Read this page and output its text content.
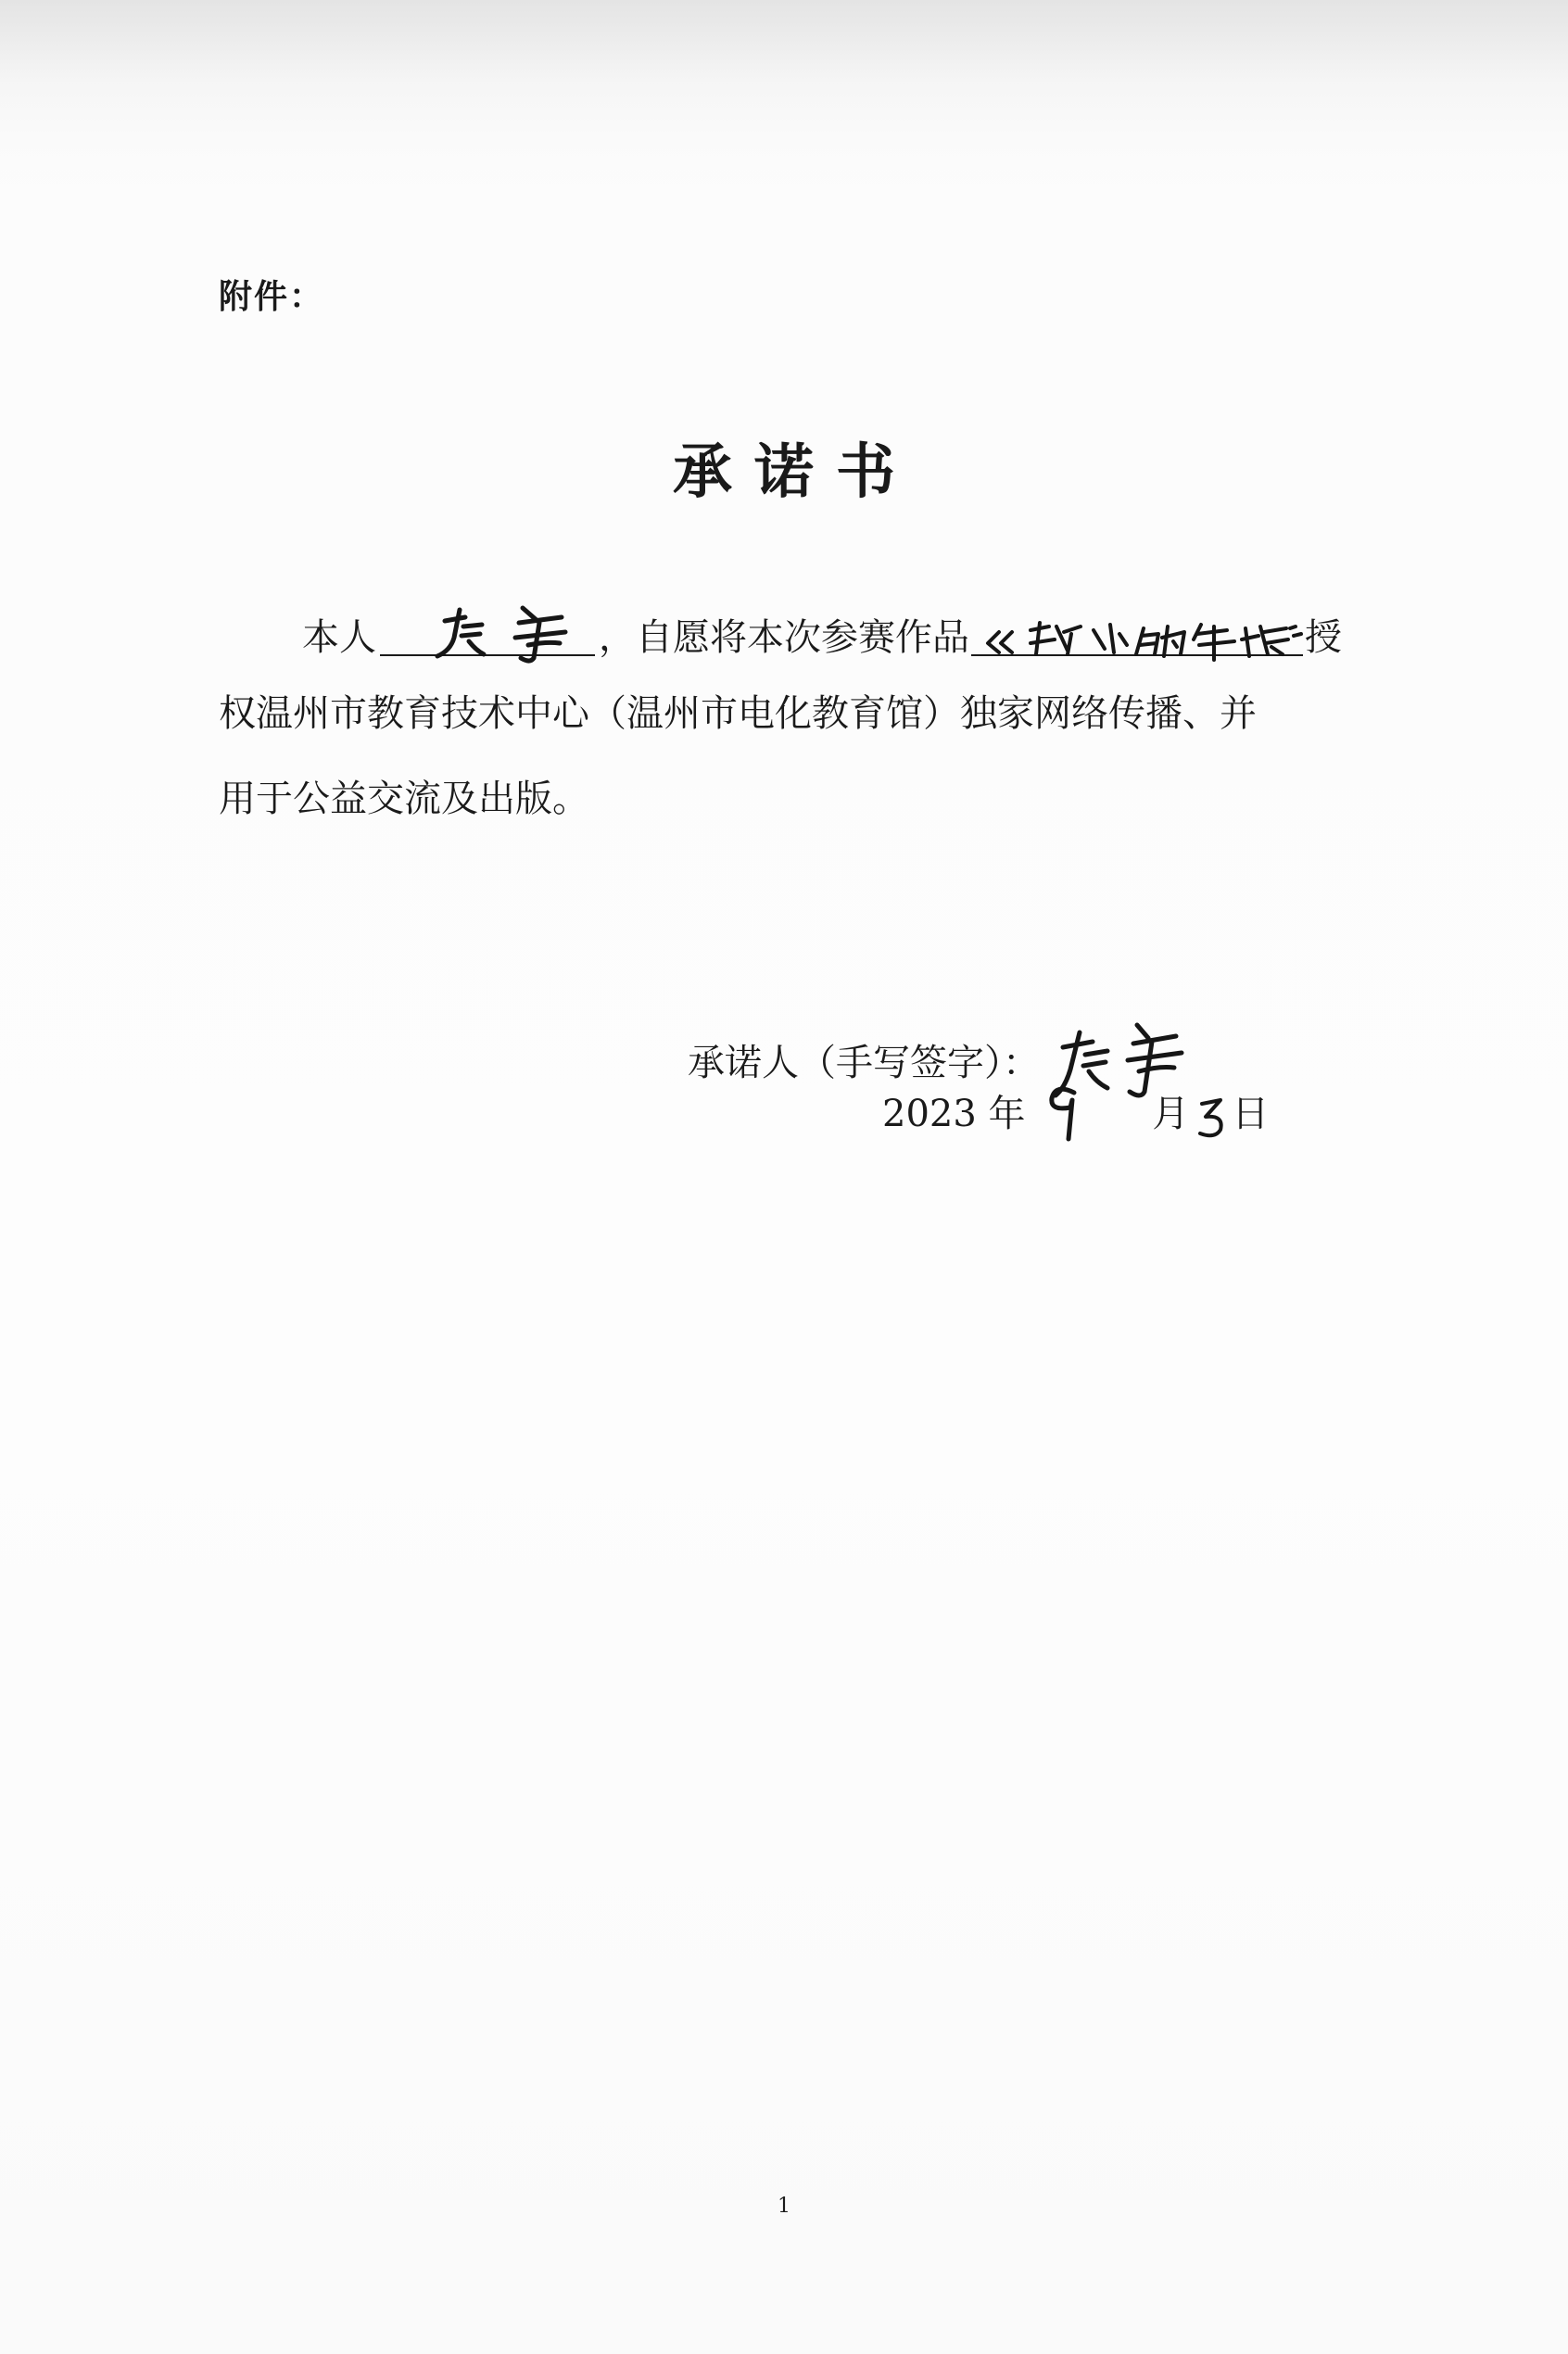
附件：
承诺书
本人	，自愿将本次参赛作品	授
权温州市教育技术中心（温州市电化教育馆）独家网络传播、并
用于公益交流及出版。
承诺人（手写签字）：
2023 年	月 日
1
